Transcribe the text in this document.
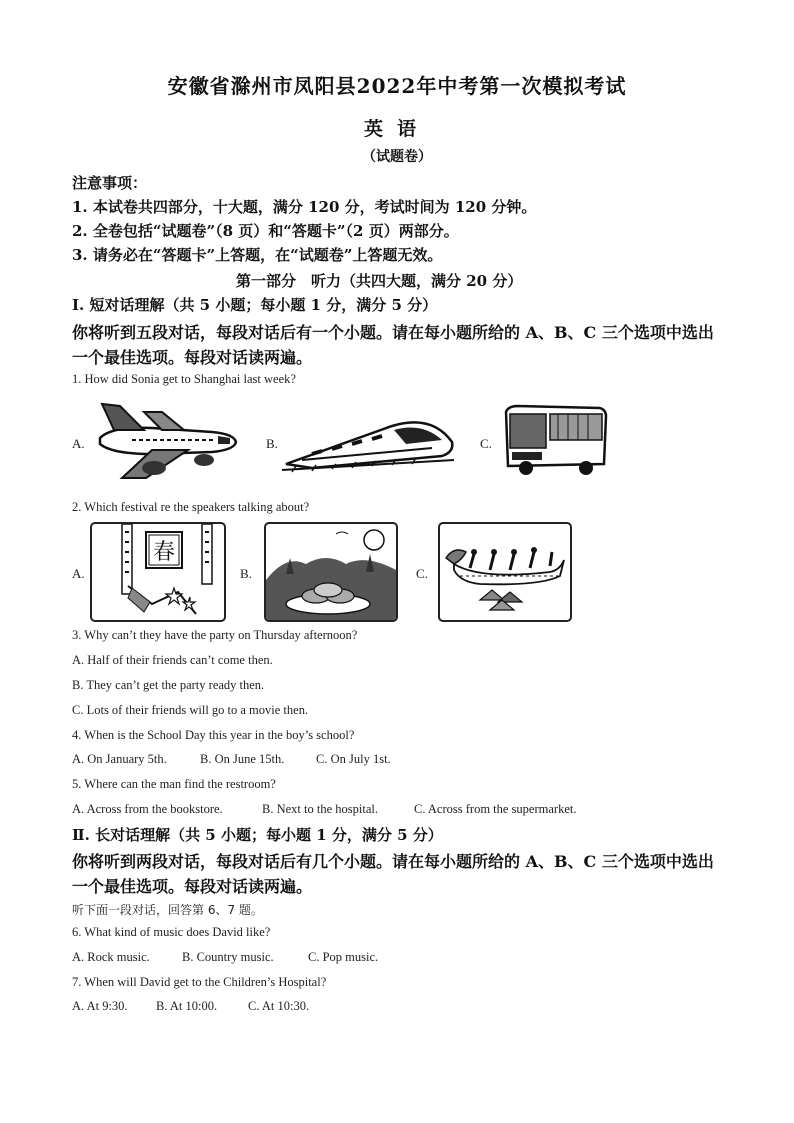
安徽省滁州市凤阳县2022年中考第一次模拟考试
英语
（试题卷）
注意事项：
1. 本试卷共四部分，十大题，满分 120 分，考试时间为 120 分钟。
2. 全卷包括“试题卷”（8 页）和“答题卡”（2 页）两部分。
3. 请务必在“答题卡”上答题，在“试题卷”上答题无效。
第一部分　听力（共四大题，满分 20 分）
Ⅰ. 短对话理解（共 5 小题；每小题 1 分，满分 5 分）
你将听到五段对话，每段对话后有一个小题。请在每小题所给的 A、B、C 三个选项中选出
一个最佳选项。每段对话读两遍。
1. How did Sonia get to Shanghai last week?
A.	B.	C.
2. Which festival re the speakers talking about?
A.	B.	C.
春
3. Why can’t they have the party on Thursday afternoon?
A. Half of their friends can’t come then.
B. They can’t get the party ready then.
C. Lots of their friends will go to a movie then.
4. When is the School Day this year in the boy’s school?
A. On January 5th.	B. On June 15th.	C. On July 1st.
5. Where can the man find the restroom?
A. Across from the bookstore.	B. Next to the hospital.	C. Across from the supermarket.
Ⅱ. 长对话理解（共 5 小题；每小题 1 分，满分 5 分）
你将听到两段对话，每段对话后有几个小题。请在每小题所给的 A、B、C 三个选项中选出
一个最佳选项。每段对话读两遍。
听下面一段对话，回答第 6、7 题。
6. What kind of music does David like?
A. Rock music.	B. Country music.	C. Pop music.
7. When will David get to the Children’s Hospital?
A. At 9:30. B. At 10:00. C. At 10:30.
